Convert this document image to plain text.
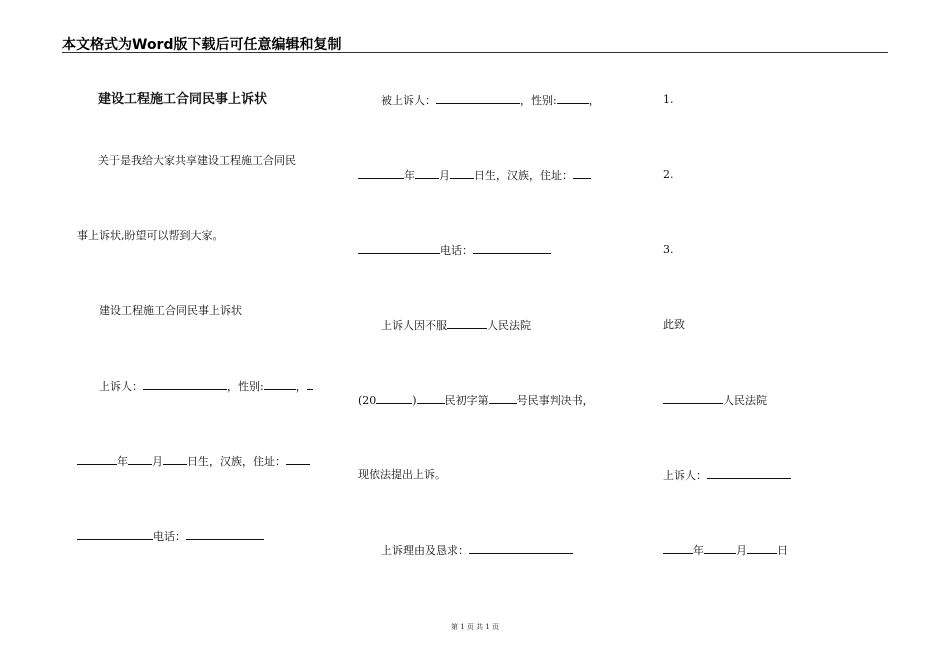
本文格式为Word版下载后可任意编辑和复制
建设工程施工合同民事上诉状
关于是我给大家共享建设工程施工合同民
事上诉状,盼望可以帮到大家。
建设工程施工合同民事上诉状
上诉人：	，性别:	，
年 月 日生，汉族，住址：
电话：
被上诉人：	，性别:	，
年 月 日生，汉族，住址：
电话：
上诉人因不服	人民法院
(20	)	民初字第	号民事判决书，
现依法提出上诉。
上诉理由及恳求：
1.
2.
3.
此致
人民法院
上诉人：
年	月	日
第 1 页 共 1 页
